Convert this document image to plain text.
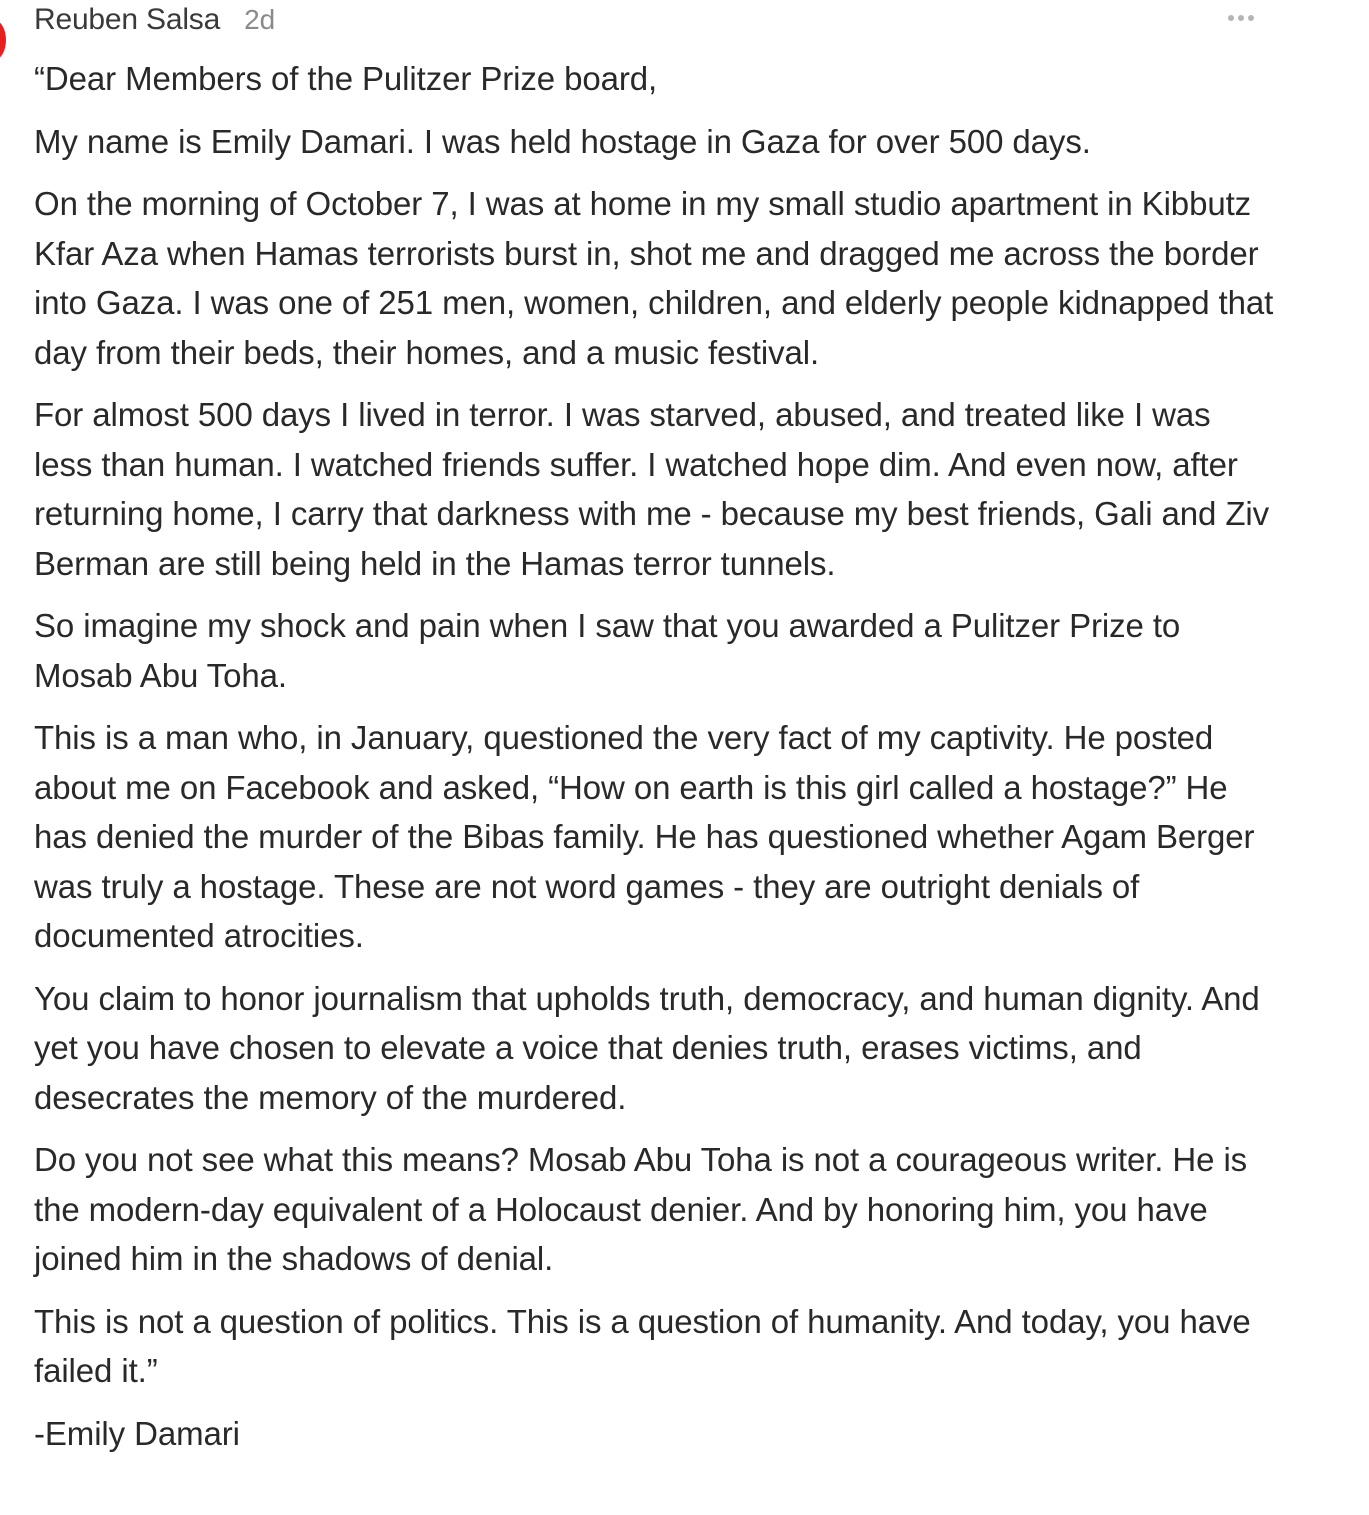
Reuben Salsa 2d

“Dear Members of the Pulitzer Prize board,

My name is Emily Damari. I was held hostage in Gaza for over 500 days.

On the morning of October 7, I was at home in my small studio apartment in Kibbutz Kfar Aza when Hamas terrorists burst in, shot me and dragged me across the border into Gaza. I was one of 251 men, women, children, and elderly people kidnapped that day from their beds, their homes, and a music festival.

For almost 500 days I lived in terror. I was starved, abused, and treated like I was less than human. I watched friends suffer. I watched hope dim. And even now, after returning home, I carry that darkness with me - because my best friends, Gali and Ziv Berman are still being held in the Hamas terror tunnels.

So imagine my shock and pain when I saw that you awarded a Pulitzer Prize to Mosab Abu Toha.

This is a man who, in January, questioned the very fact of my captivity. He posted about me on Facebook and asked, “How on earth is this girl called a hostage?” He has denied the murder of the Bibas family. He has questioned whether Agam Berger was truly a hostage. These are not word games - they are outright denials of documented atrocities.

You claim to honor journalism that upholds truth, democracy, and human dignity. And yet you have chosen to elevate a voice that denies truth, erases victims, and desecrates the memory of the murdered.

Do you not see what this means? Mosab Abu Toha is not a courageous writer. He is the modern-day equivalent of a Holocaust denier. And by honoring him, you have joined him in the shadows of denial.

This is not a question of politics. This is a question of humanity. And today, you have failed it.”

-Emily Damari
